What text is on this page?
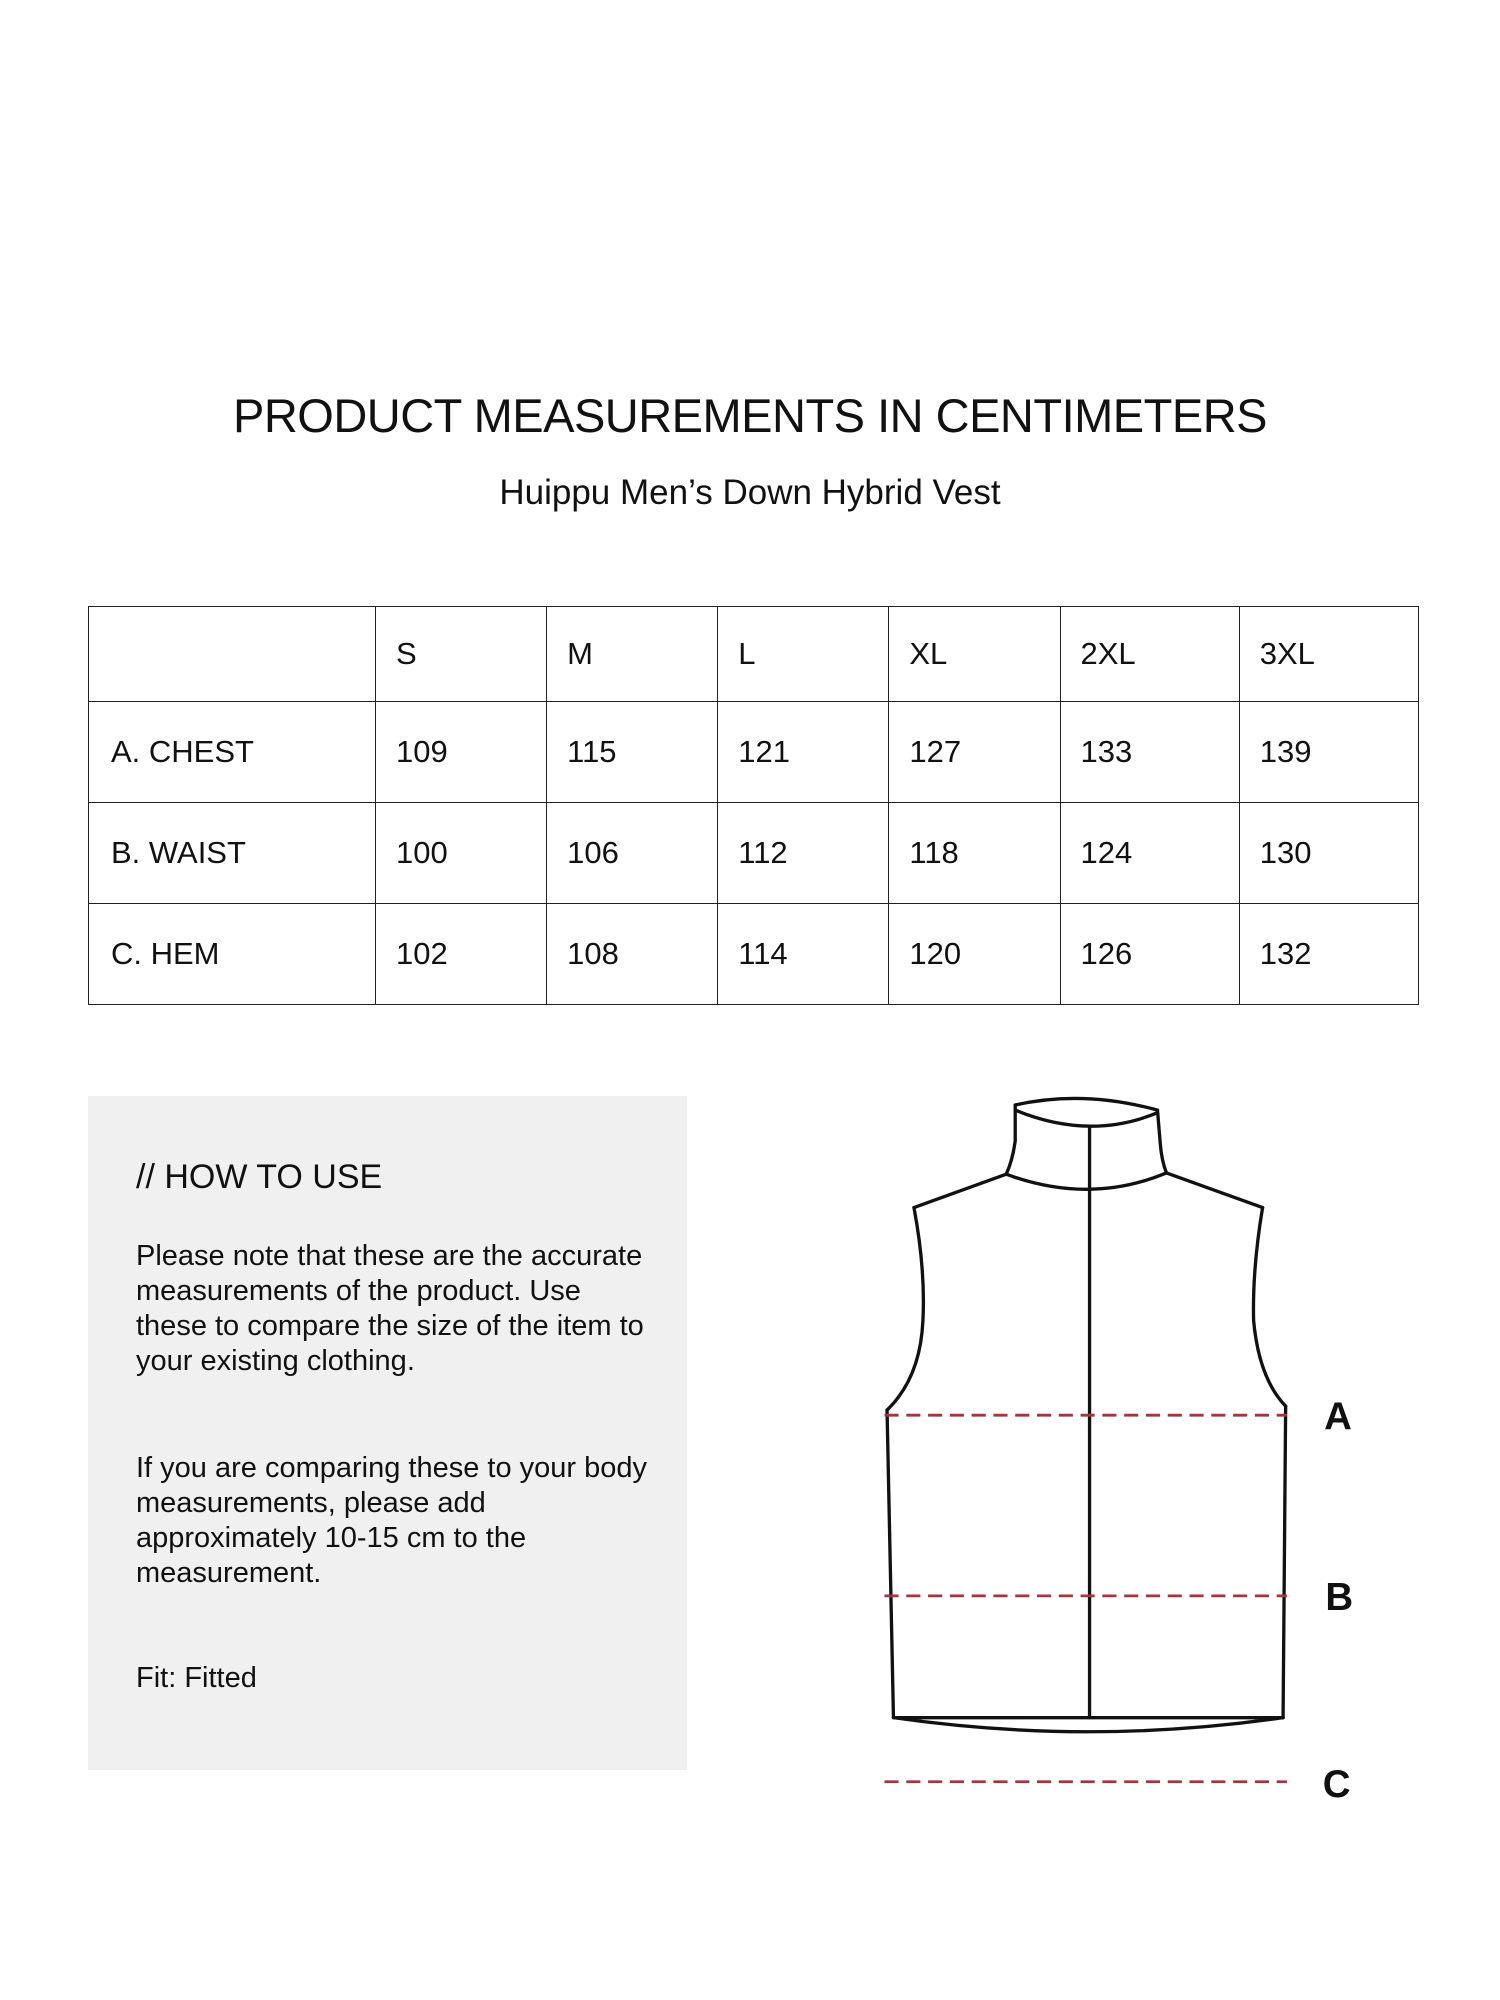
PRODUCT MEASUREMENTS IN CENTIMETERS
Huippu Men’s Down Hybrid Vest
	S	M	L	XL	2XL	3XL
A. CHEST	109	115	121	127	133	139
B. WAIST	100	106	112	118	124	130
C. HEM	102	108	114	120	126	132
// HOW TO USE

Please note that these are the accurate measurements of the product. Use these to compare the size of the item to your existing clothing.

If you are comparing these to your body measurements, please add approximately 10-15 cm to the measurement.

Fit: Fitted

A
B
C
